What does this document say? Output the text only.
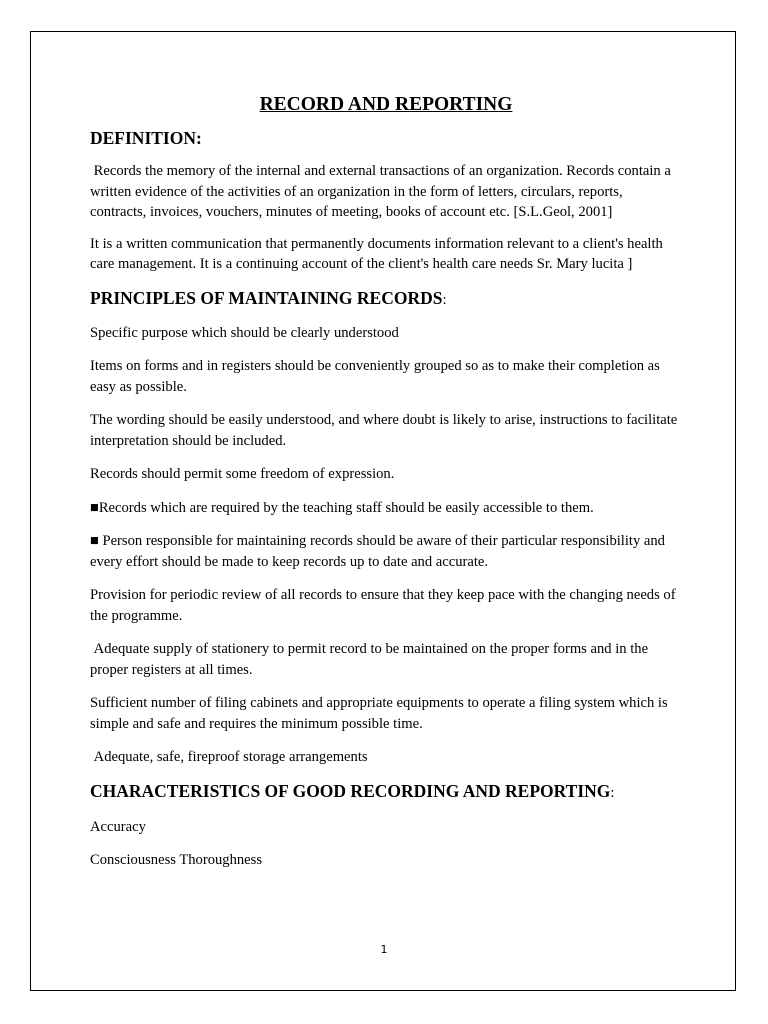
RECORD AND REPORTING
DEFINITION:

Records the memory of the internal and external transactions of an organization. Records contain a written evidence of the activities of an organization in the form of letters, circulars, reports, contracts, invoices, vouchers, minutes of meeting, books of account etc. [S.L.Geol, 2001]

It is a written communication that permanently documents information relevant to a client's health care management. It is a continuing account of the client's health care needs Sr. Mary lucita ]

PRINCIPLES OF MAINTAINING RECORDS:

Specific purpose which should be clearly understood

Items on forms and in registers should be conveniently grouped so as to make their completion as easy as possible.

The wording should be easily understood, and where doubt is likely to arise, instructions to facilitate interpretation should be included.

Records should permit some freedom of expression.

■Records which are required by the teaching staff should be easily accessible to them.

■ Person responsible for maintaining records should be aware of their particular responsibility and every effort should be made to keep records up to date and accurate.

Provision for periodic review of all records to ensure that they keep pace with the changing needs of the programme.

Adequate supply of stationery to permit record to be maintained on the proper forms and in the proper registers at all times.

Sufficient number of filing cabinets and appropriate equipments to operate a filing system which is simple and safe and requires the minimum possible time.

Adequate, safe, fireproof storage arrangements

CHARACTERISTICS OF GOOD RECORDING AND REPORTING:

Accuracy

Consciousness Thoroughness

1
